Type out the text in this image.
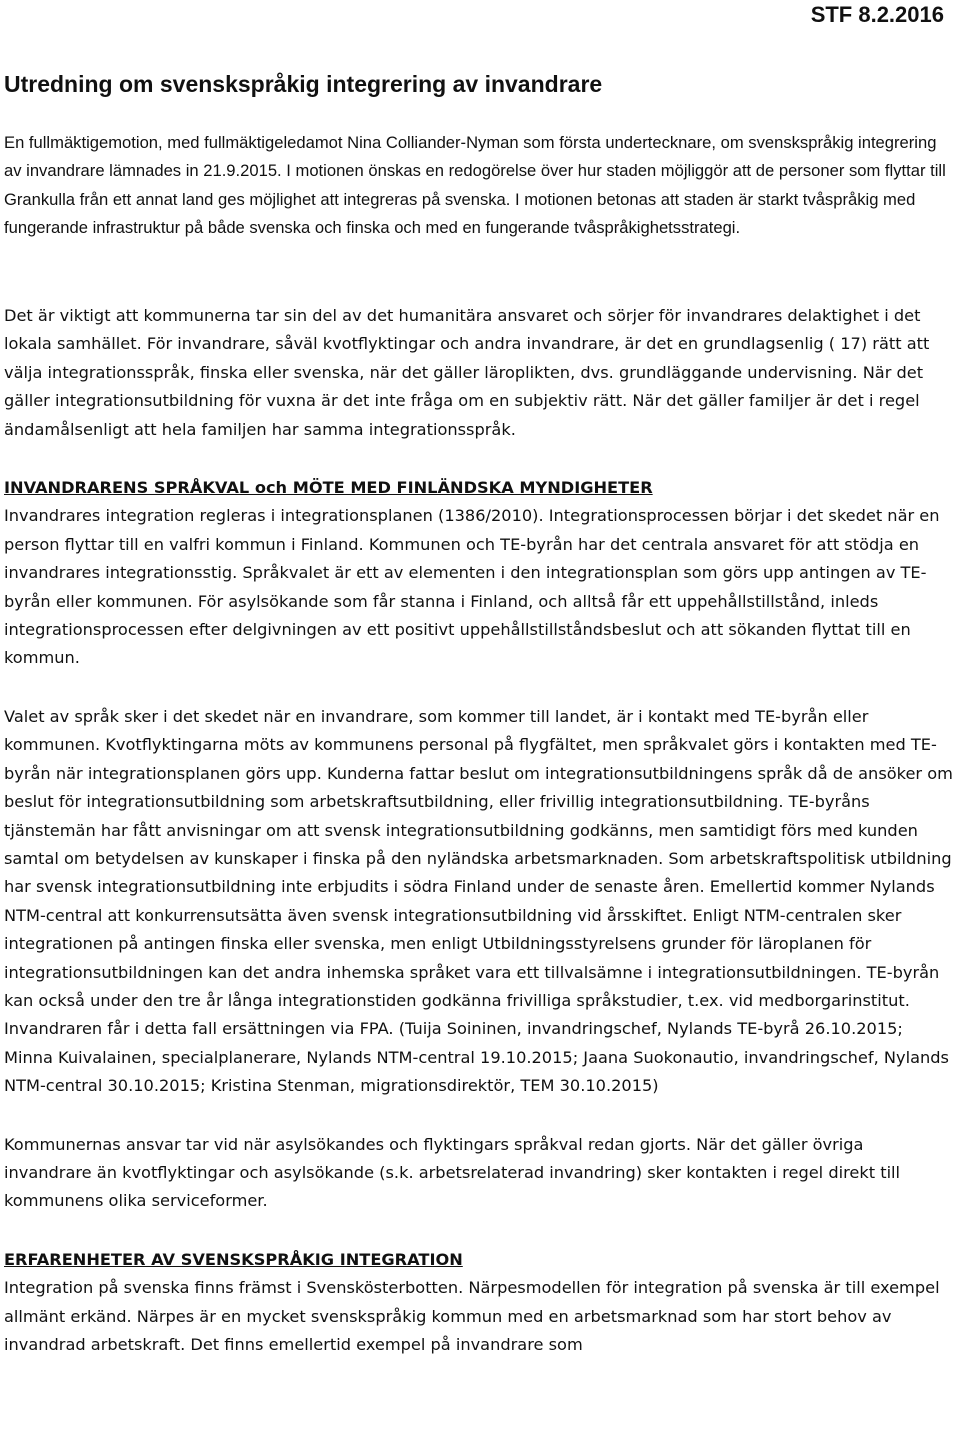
STF 8.2.2016
Utredning om svenskspråkig integrering av invandrare

En fullmäktigemotion, med fullmäktigeledamot Nina Colliander-Nyman som första undertecknare, om svenskspråkig integrering av invandrare lämnades in 21.9.2015. I motionen önskas en redogörelse över hur staden möjliggör att de personer som flyttar till Grankulla från ett annat land ges möjlighet att integreras på svenska. I motionen betonas att staden är starkt tvåspråkig med fungerande infrastruktur på både svenska och finska och med en fungerande tvåspråkighetsstrategi.

Det är viktigt att kommunerna tar sin del av det humanitära ansvaret och sörjer för invandrares delaktighet i det lokala samhället. För invandrare, såväl kvotflyktingar och andra invandrare, är det en grundlagsenlig ( 17) rätt att välja integrationsspråk, finska eller svenska, när det gäller läroplikten, dvs. grundläggande undervisning. När det gäller integrationsutbildning för vuxna är det inte fråga om en subjektiv rätt. När det gäller familjer är det i regel ändamålsenligt att hela familjen har samma integrationsspråk.

INVANDRARENS SPRÅKVAL och MÖTE MED FINLÄNDSKA MYNDIGHETER

Invandrares integration regleras i integrationsplanen (1386/2010). Integrationsprocessen börjar i det skedet när en person flyttar till en valfri kommun i Finland. Kommunen och TE-byrån har det centrala ansvaret för att stödja en invandrares integrationsstig. Språkvalet är ett av elementen i den integrationsplan som görs upp antingen av TE-byrån eller kommunen. För asylsökande som får stanna i Finland, och alltså får ett uppehållstillstånd, inleds integrationsprocessen efter delgivningen av ett positivt uppehållstillståndsbeslut och att sökanden flyttat till en kommun.

Valet av språk sker i det skedet när en invandrare, som kommer till landet, är i kontakt med TE-byrån eller kommunen. Kvotflyktingarna möts av kommunens personal på flygfältet, men språkvalet görs i kontakten med TE-byrån när integrationsplanen görs upp. Kunderna fattar beslut om integrationsutbildningens språk då de ansöker om beslut för integrationsutbildning som arbetskraftsutbildning, eller frivillig integrationsutbildning. TE-byråns tjänstemän har fått anvisningar om att svensk integrationsutbildning godkänns, men samtidigt förs med kunden samtal om betydelsen av kunskaper i finska på den nyländska arbetsmarknaden. Som arbetskraftspolitisk utbildning har svensk integrationsutbildning inte erbjudits i södra Finland under de senaste åren. Emellertid kommer Nylands NTM-central att konkurrensutsätta även svensk integrationsutbildning vid årsskiftet. Enligt NTM-centralen sker integrationen på antingen finska eller svenska, men enligt Utbildningsstyrelsens grunder för läroplanen för integrationsutbildningen kan det andra inhemska språket vara ett tillvalsämne i integrationsutbildningen. TE-byrån kan också under den tre år långa integrationstiden godkänna frivilliga språkstudier, t.ex. vid medborgarinstitut. Invandraren får i detta fall ersättningen via FPA. (Tuija Soininen, invandringschef, Nylands TE-byrå 26.10.2015; Minna Kuivalainen, specialplanerare, Nylands NTM-central 19.10.2015; Jaana Suokonautio, invandringschef, Nylands NTM-central 30.10.2015; Kristina Stenman, migrationsdirektör, TEM 30.10.2015)

Kommunernas ansvar tar vid när asylsökandes och flyktingars språkval redan gjorts. När det gäller övriga invandrare än kvotflyktingar och asylsökande (s.k. arbetsrelaterad invandring) sker kontakten i regel direkt till kommunens olika serviceformer.

ERFARENHETER AV SVENSKSPRÅKIG INTEGRATION

Integration på svenska finns främst i Svenskösterbotten. Närpesmodellen för integration på svenska är till exempel allmänt erkänd. Närpes är en mycket svenskspråkig kommun med en arbetsmarknad som har stort behov av invandrad arbetskraft. Det finns emellertid exempel på invandrare som
